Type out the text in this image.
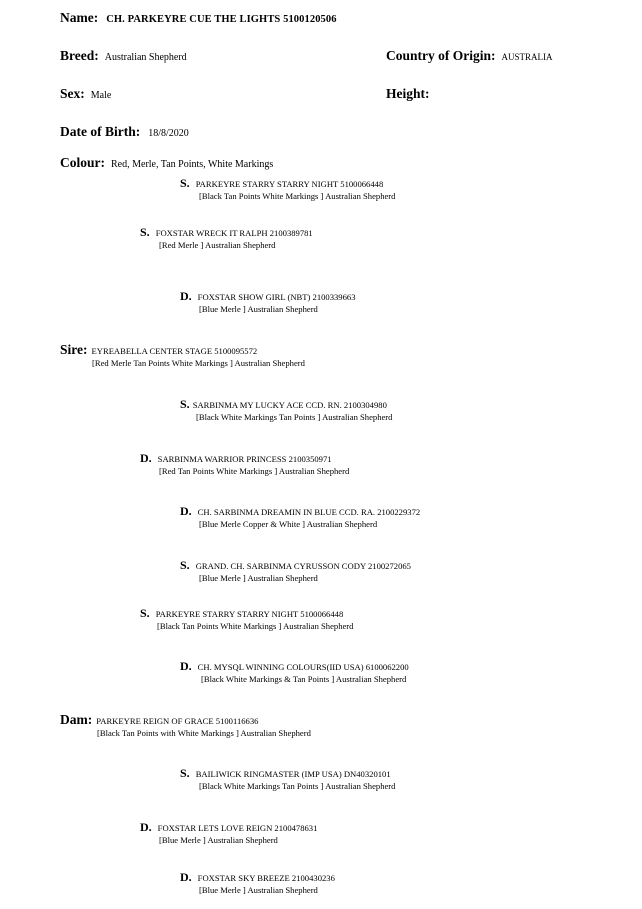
Name: CH. PARKEYRE CUE THE LIGHTS 5100120506
Breed: Australian Shepherd	Country of Origin: AUSTRALIA
Sex: Male	Height:
Date of Birth: 18/8/2020
Colour: Red, Merle, Tan Points, White Markings
S. PARKEYRE STARRY STARRY NIGHT 5100066448
[Black Tan Points White Markings ] Australian Shepherd
S. FOXSTAR WRECK IT RALPH 2100389781
[Red Merle ] Australian Shepherd
D. FOXSTAR SHOW GIRL (NBT) 2100339663
[Blue Merle ] Australian Shepherd
Sire: EYREABELLA CENTER STAGE 5100095572
[Red Merle Tan Points White Markings ] Australian Shepherd
S. SARBINMA MY LUCKY ACE CCD. RN. 2100304980
[Black White Markings Tan Points ] Australian Shepherd
D. SARBINMA WARRIOR PRINCESS 2100350971
[Red Tan Points White Markings ] Australian Shepherd
D. CH. SARBINMA DREAMIN IN BLUE CCD. RA. 2100229372
[Blue Merle Copper & White ] Australian Shepherd
S. GRAND. CH. SARBINMA CYRUSSON CODY 2100272065
[Blue Merle ] Australian Shepherd
S. PARKEYRE STARRY STARRY NIGHT 5100066448
[Black Tan Points White Markings ] Australian Shepherd
D. CH. MYSQL WINNING COLOURS(IID USA) 6100062200
[Black White Markings & Tan Points ] Australian Shepherd
Dam: PARKEYRE REIGN OF GRACE 5100116636
[Black Tan Points with White Markings ] Australian Shepherd
S. BAILIWICK RINGMASTER (IMP USA) DN40320101
[Black White Markings Tan Points ] Australian Shepherd
D. FOXSTAR LETS LOVE REIGN 2100478631
[Blue Merle ] Australian Shepherd
D. FOXSTAR SKY BREEZE 2100430236
[Blue Merle ] Australian Shepherd
